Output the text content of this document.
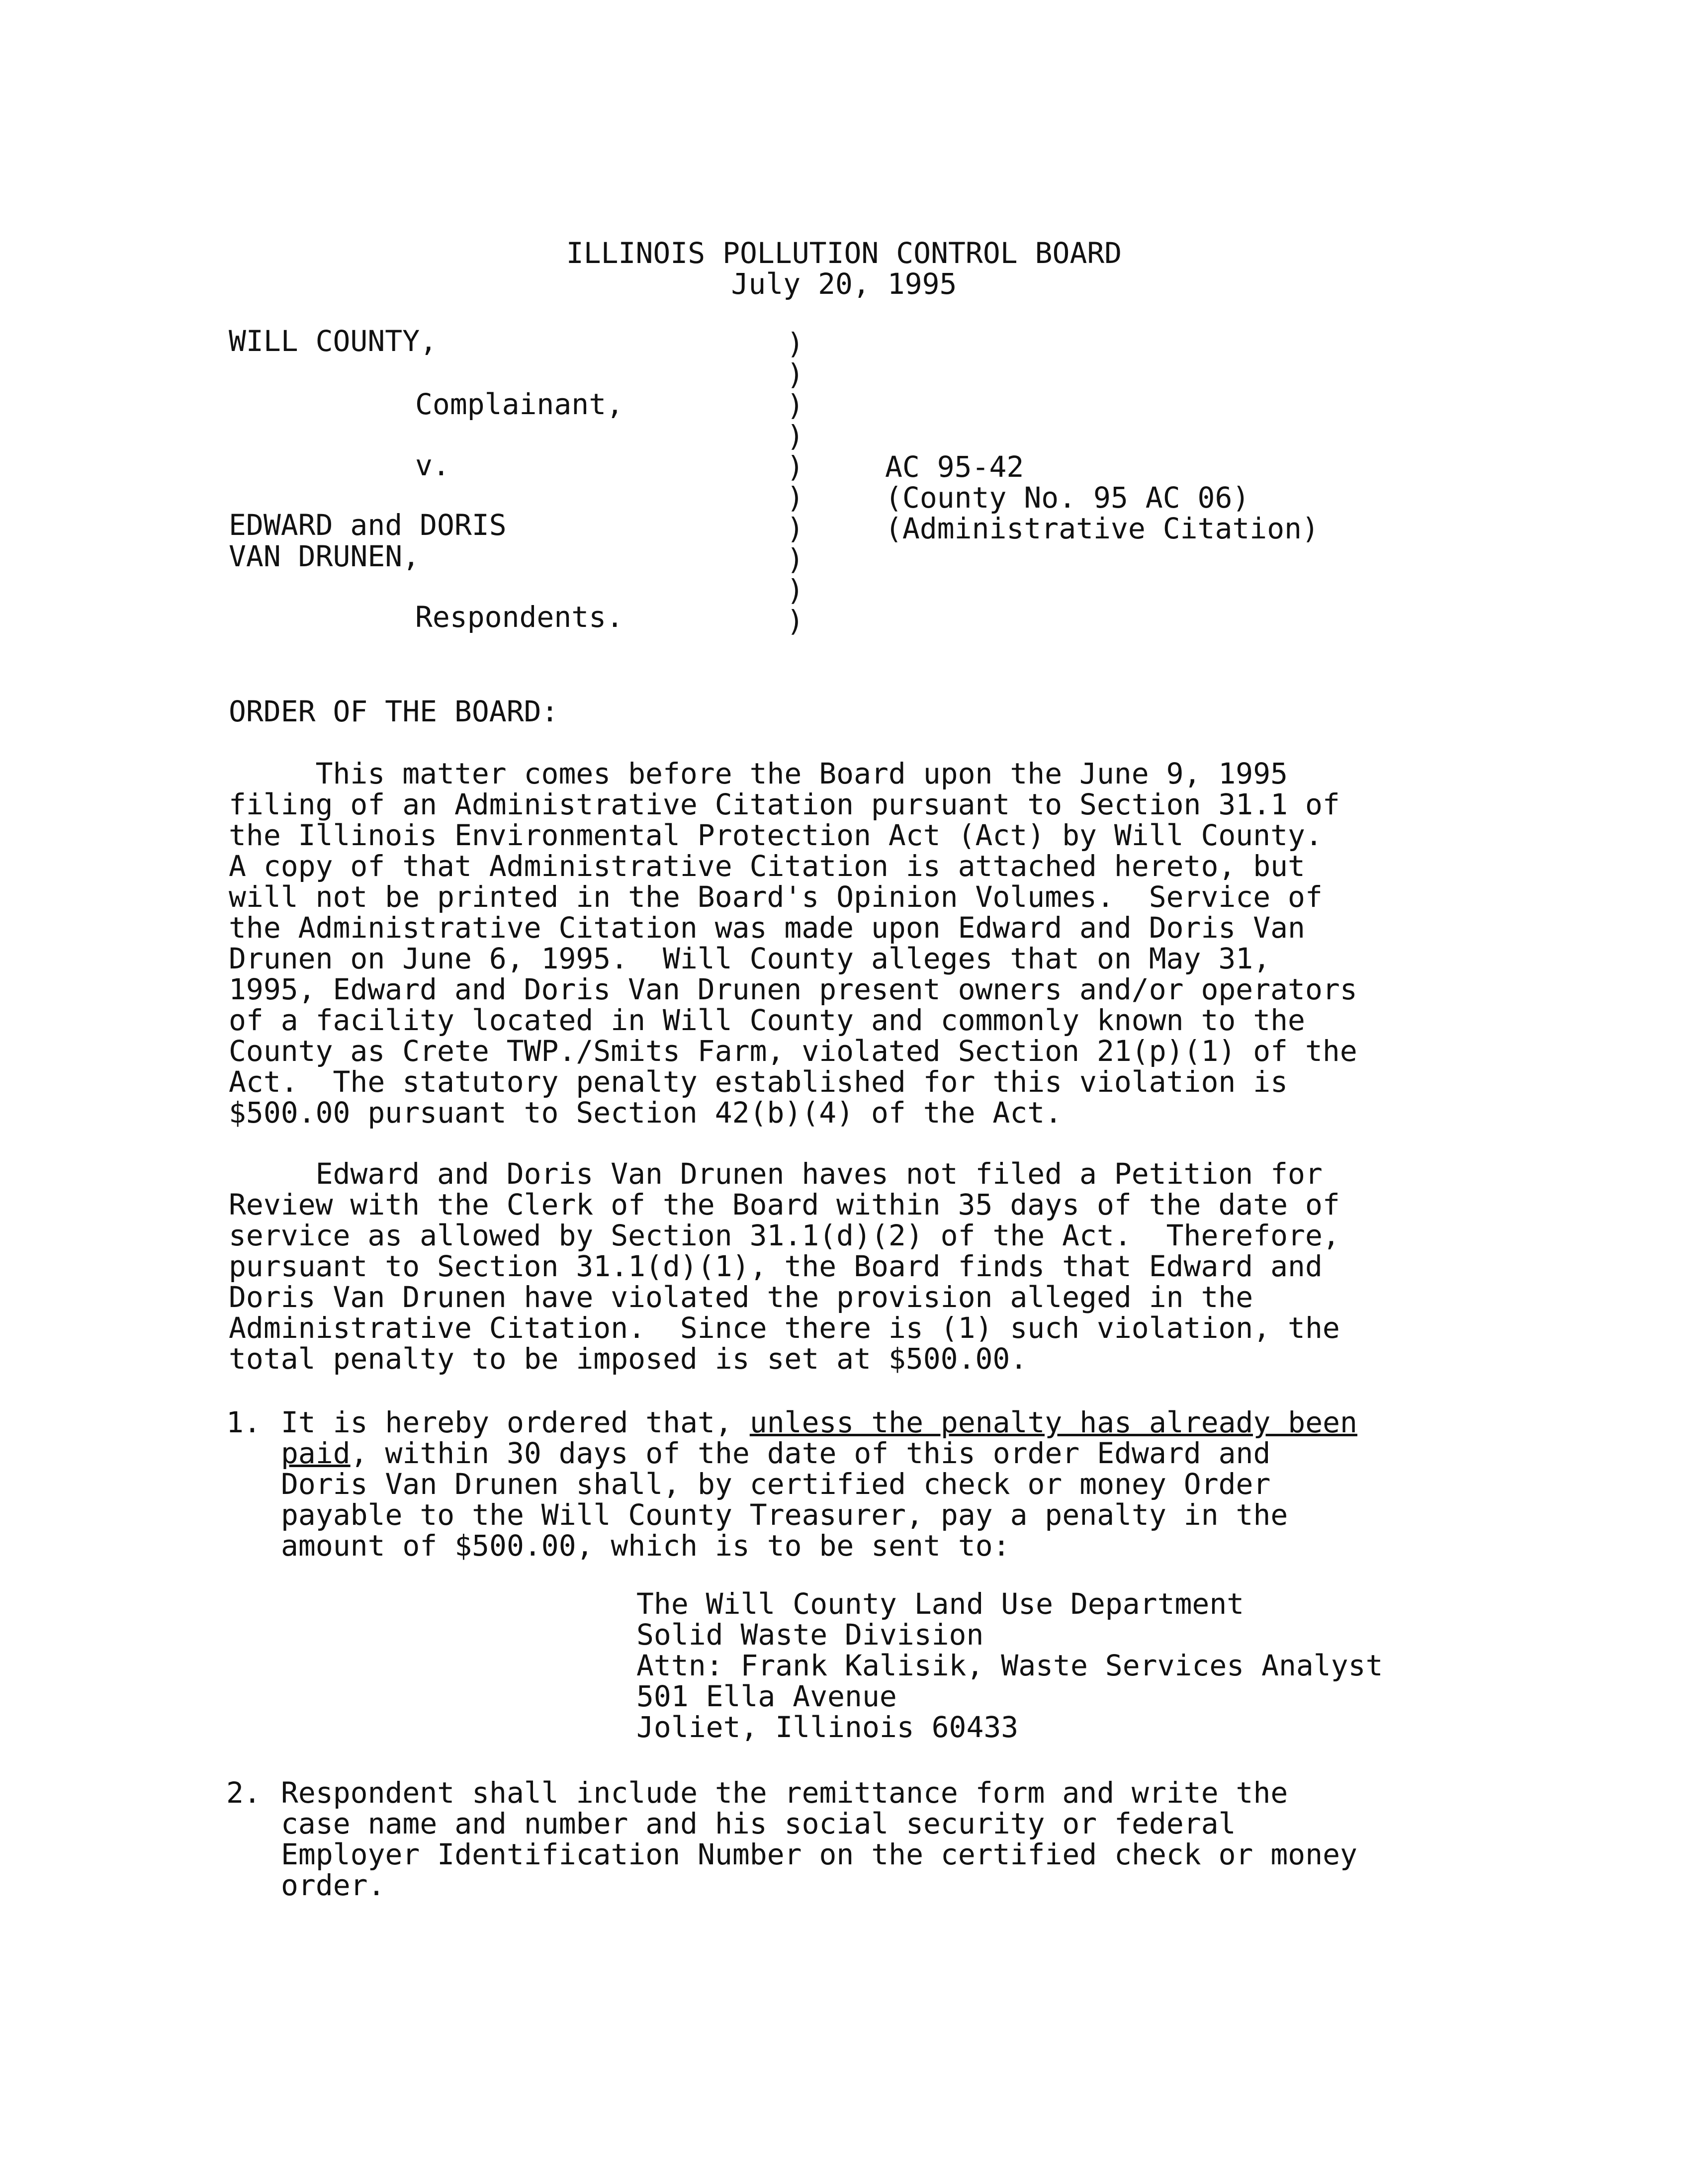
ILLINOIS POLLUTION CONTROL BOARD
July 20, 1995
WILL COUNTY,
Complainant,
v.
EDWARD and DORIS
VAN DRUNEN,
Respondents.
)
)
)
)
)
)
)
)
)
)
AC 95-42
(County No. 95 AC 06)
(Administrative Citation)
ORDER OF THE BOARD:
This matter comes before the Board upon the June 9, 1995
filing of an Administrative Citation pursuant to Section 31.1 of
the Illinois Environmental Protection Act (Act) by Will County.
A copy of that Administrative Citation is attached hereto, but
will not be printed in the Board's Opinion Volumes.  Service of
the Administrative Citation was made upon Edward and Doris Van
Drunen on June 6, 1995.  Will County alleges that on May 31,
1995, Edward and Doris Van Drunen present owners and/or operators
of a facility located in Will County and commonly known to the
County as Crete TWP./Smits Farm, violated Section 21(p)(1) of the
Act.  The statutory penalty established for this violation is
$500.00 pursuant to Section 42(b)(4) of the Act.
Edward and Doris Van Drunen haves not filed a Petition for
Review with the Clerk of the Board within 35 days of the date of
service as allowed by Section 31.1(d)(2) of the Act.  Therefore,
pursuant to Section 31.1(d)(1), the Board finds that Edward and
Doris Van Drunen have violated the provision alleged in the
Administrative Citation.  Since there is (1) such violation, the
total penalty to be imposed is set at $500.00.
1. It is hereby ordered that, unless the penalty has already been
paid, within 30 days of the date of this order Edward and
Doris Van Drunen shall, by certified check or money Order
payable to the Will County Treasurer, pay a penalty in the
amount of $500.00, which is to be sent to:
The Will County Land Use Department
Solid Waste Division
Attn: Frank Kalisik, Waste Services Analyst
501 Ella Avenue
Joliet, Illinois 60433
2. Respondent shall include the remittance form and write the
case name and number and his social security or federal
Employer Identification Number on the certified check or money
order.
